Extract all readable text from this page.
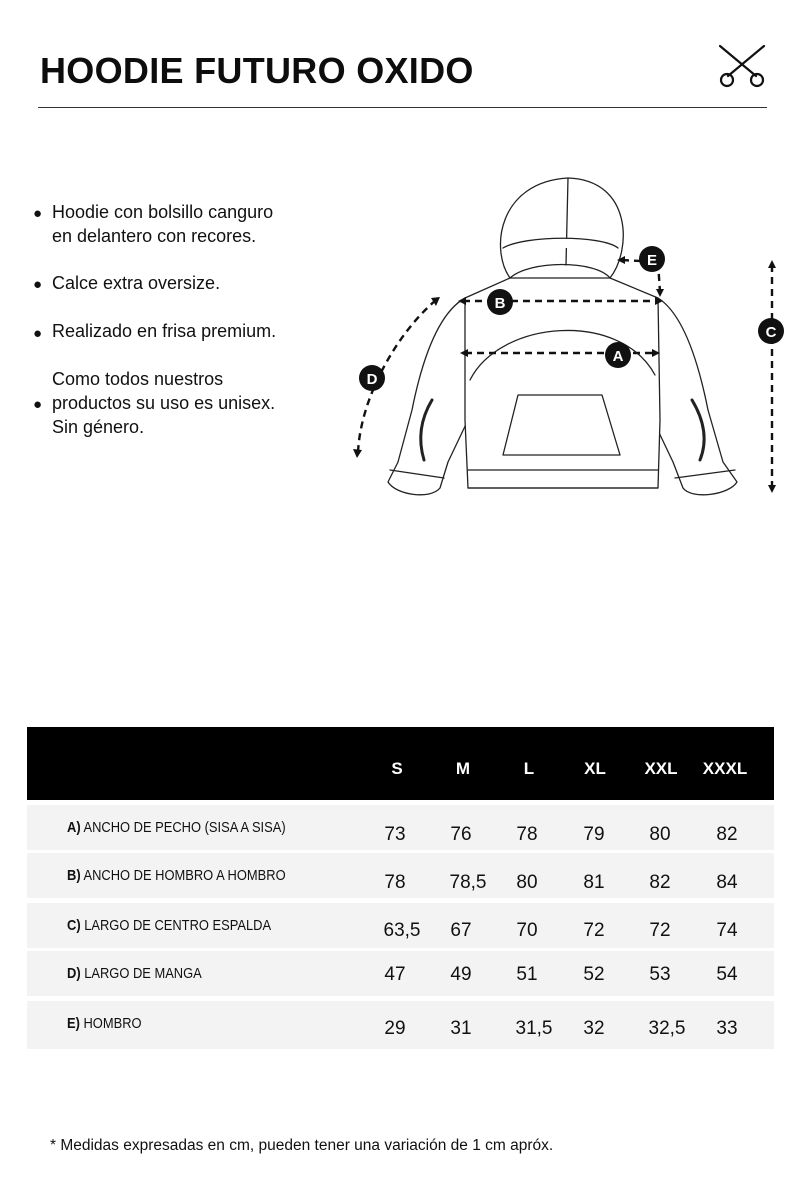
HOODIE FUTURO OXIDO
● Hoodie con bolsillo canguro
en delantero con recores.
● Calce extra oversize.
● Realizado en frisa premium.
●
Como todos nuestros
productos su uso es unisex.
Sin género.
A
B
C
D
E
S	M	L	XL	XXL	XXXL
A) ANCHO DE PECHO (SISA A SISA)	73	76	78	79	80	82
B) ANCHO DE HOMBRO A HOMBRO	78	78,5	80	81	82	84
C) LARGO DE CENTRO ESPALDA	63,5	67	70	72	72	74
D) LARGO DE MANGA	47	49	51	52	53	54
E) HOMBRO	29	31	31,5	32	32,5	33
* Medidas expresadas en cm, pueden tener una variación de 1 cm apróx.
